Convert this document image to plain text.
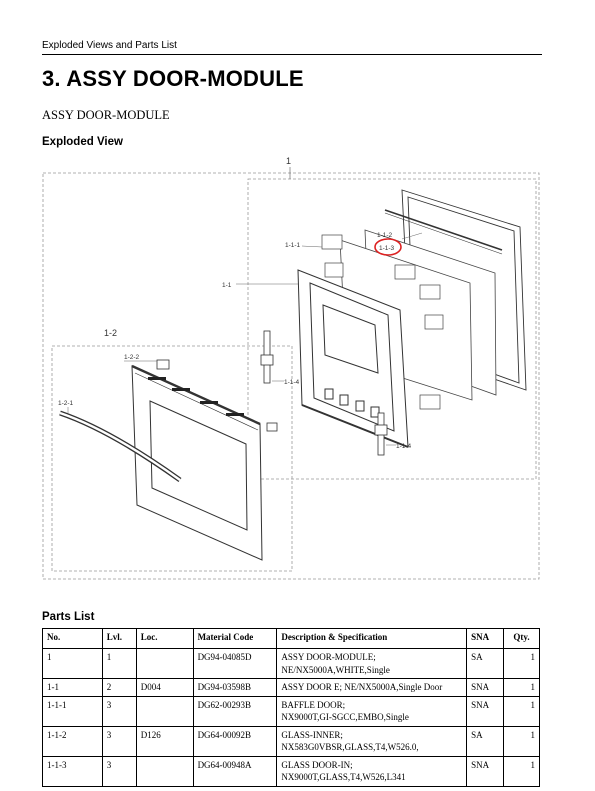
Exploded Views and Parts List
3. ASSY DOOR-MODULE
ASSY DOOR-MODULE
Exploded View
1
1-1
1-1-1
1-1-2
1-1-3
1-1-4
1-1-4
1-2
1-2-1
1-2-2
Parts List
No.	Lvl.	Loc.	Material Code	Description & Specification	SNA	Qty.
1	1		DG94-04085D	ASSY DOOR-MODULE;
NE/NX5000A,WHITE,Single	SA	1
1-1	2	D004	DG94-03598B	ASSY DOOR E; NE/NX5000A,Single Door	SNA	1
1-1-1	3		DG62-00293B	BAFFLE DOOR;
NX9000T,GI-SGCC,EMBO,Single	SNA	1
1-1-2	3	D126	DG64-00092B	GLASS-INNER;
NX583G0VBSR,GLASS,T4,W526.0,	SA	1
1-1-3	3		DG64-00948A	GLASS DOOR-IN;
NX9000T,GLASS,T4,W526,L341	SNA	1
